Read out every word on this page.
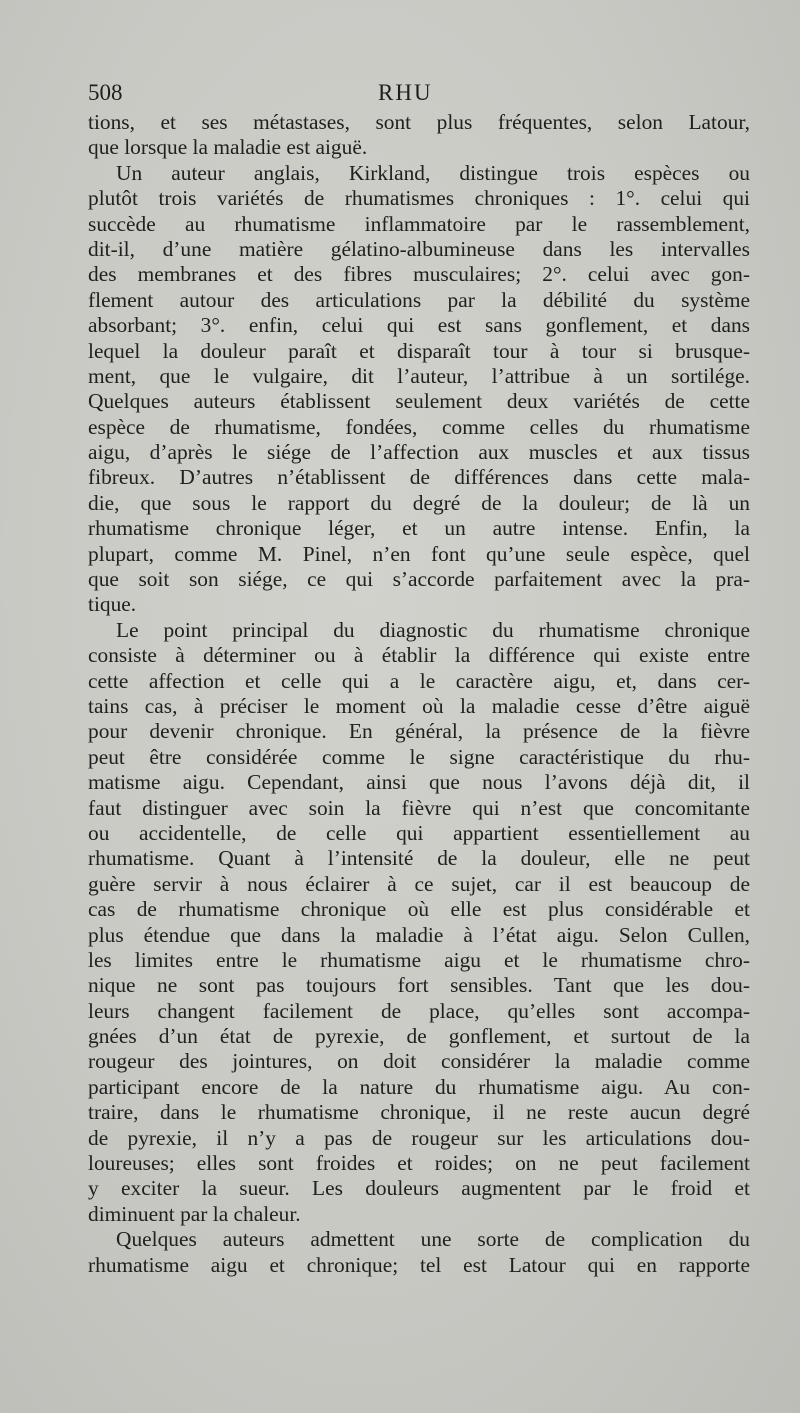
508	RHU
tions, et ses métastases, sont plus fréquentes, selon Latour,
que lorsque la maladie est aiguë.
Un auteur anglais, Kirkland, distingue trois espèces ou
plutôt trois variétés de rhumatismes chroniques : 1°. celui qui
succède au rhumatisme inflammatoire par le rassemblement,
dit-il, d’une matière gélatino-albumineuse dans les intervalles
des membranes et des fibres musculaires; 2°. celui avec gon-
flement autour des articulations par la débilité du système
absorbant; 3°. enfin, celui qui est sans gonflement, et dans
lequel la douleur paraît et disparaît tour à tour si brusque-
ment, que le vulgaire, dit l’auteur, l’attribue à un sortilége.
Quelques auteurs établissent seulement deux variétés de cette
espèce de rhumatisme, fondées, comme celles du rhumatisme
aigu, d’après le siége de l’affection aux muscles et aux tissus
fibreux. D’autres n’établissent de différences dans cette mala-
die, que sous le rapport du degré de la douleur; de là un
rhumatisme chronique léger, et un autre intense. Enfin, la
plupart, comme M. Pinel, n’en font qu’une seule espèce, quel
que soit son siége, ce qui s’accorde parfaitement avec la pra-
tique.
Le point principal du diagnostic du rhumatisme chronique
consiste à déterminer ou à établir la différence qui existe entre
cette affection et celle qui a le caractère aigu, et, dans cer-
tains cas, à préciser le moment où la maladie cesse d’être aiguë
pour devenir chronique. En général, la présence de la fièvre
peut être considérée comme le signe caractéristique du rhu-
matisme aigu. Cependant, ainsi que nous l’avons déjà dit, il
faut distinguer avec soin la fièvre qui n’est que concomitante
ou accidentelle, de celle qui appartient essentiellement au
rhumatisme. Quant à l’intensité de la douleur, elle ne peut
guère servir à nous éclairer à ce sujet, car il est beaucoup de
cas de rhumatisme chronique où elle est plus considérable et
plus étendue que dans la maladie à l’état aigu. Selon Cullen,
les limites entre le rhumatisme aigu et le rhumatisme chro-
nique ne sont pas toujours fort sensibles. Tant que les dou-
leurs changent facilement de place, qu’elles sont accompa-
gnées d’un état de pyrexie, de gonflement, et surtout de la
rougeur des jointures, on doit considérer la maladie comme
participant encore de la nature du rhumatisme aigu. Au con-
traire, dans le rhumatisme chronique, il ne reste aucun degré
de pyrexie, il n’y a pas de rougeur sur les articulations dou-
loureuses; elles sont froides et roides; on ne peut facilement
y exciter la sueur. Les douleurs augmentent par le froid et
diminuent par la chaleur.
Quelques auteurs admettent une sorte de complication du
rhumatisme aigu et chronique; tel est Latour qui en rapporte
